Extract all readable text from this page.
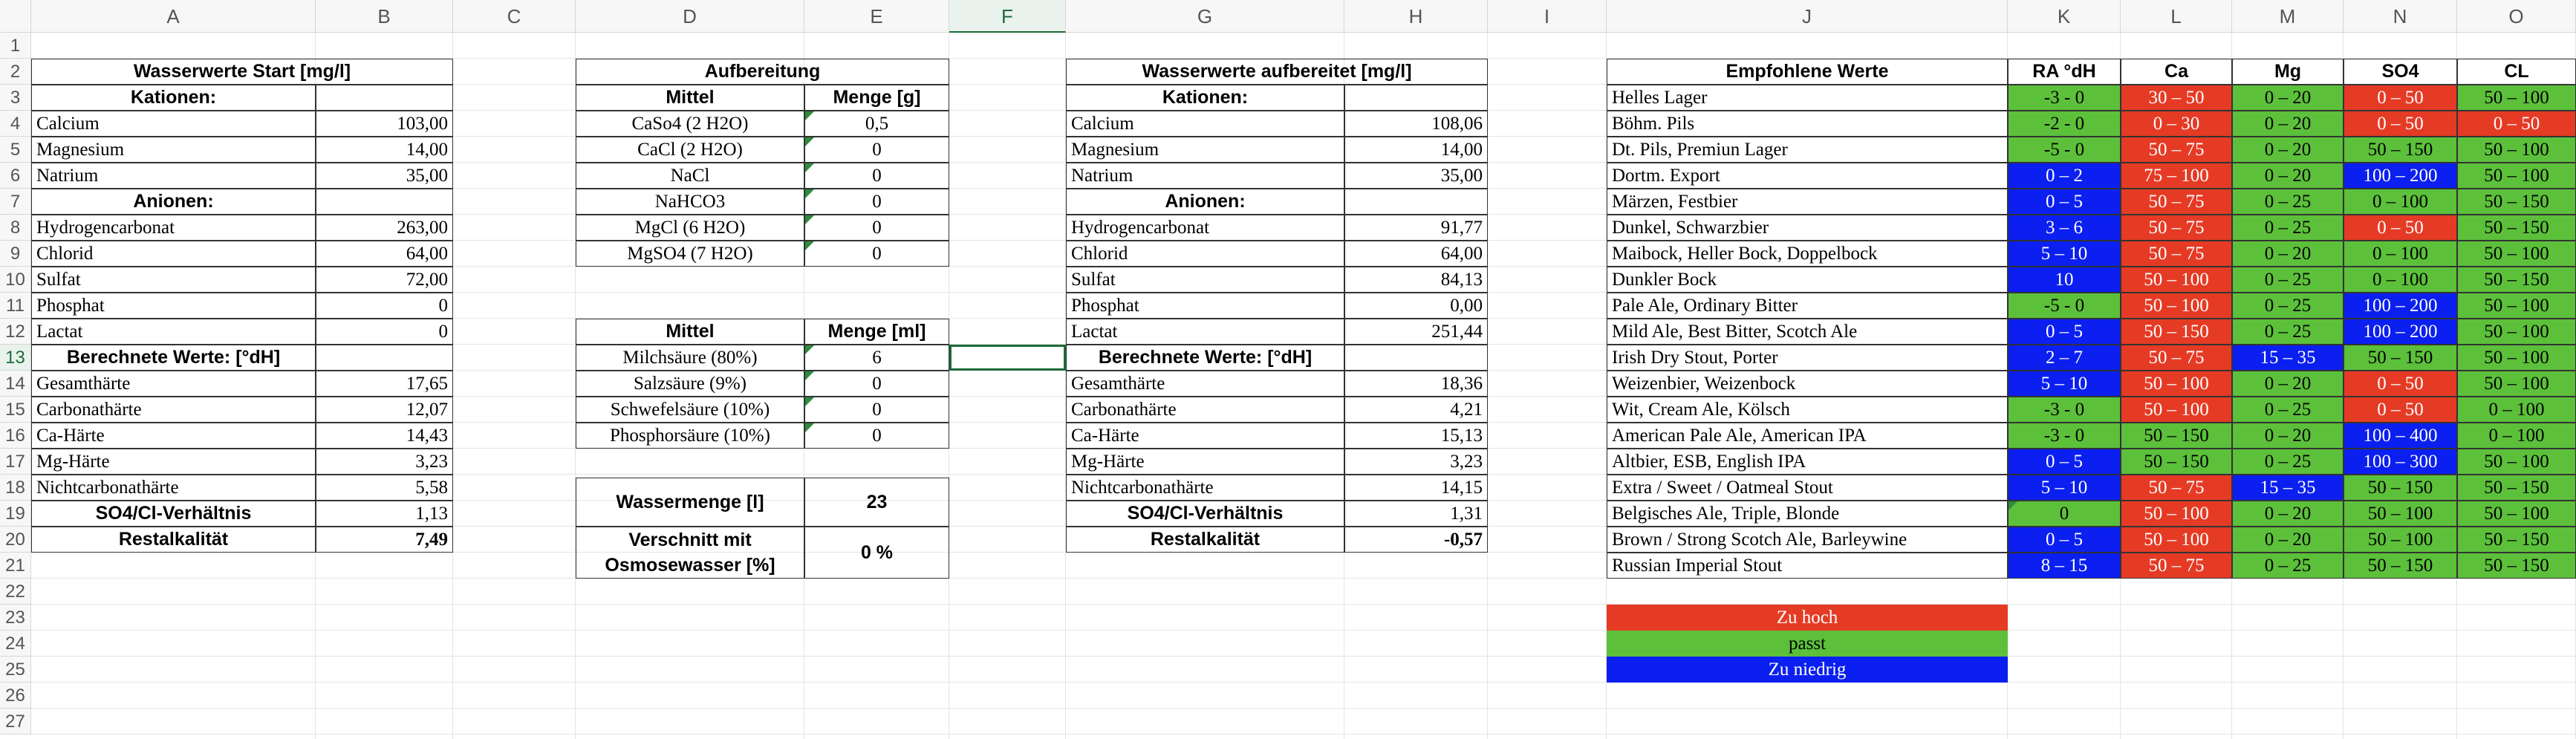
A	B	C	D	E	F	G	H	I	J	K	L	M	N	O
1
2
3
4
5
6
7
8
9
10
11
12
13
14
15
16
17
18
19
20
21
22
23
24
25
26
27
Wasserwerte Start [mg/l]
Kationen:
Calcium	103,00
Magnesium	14,00
Natrium	35,00
Anionen:
Hydrogencarbonat	263,00
Chlorid	64,00
Sulfat	72,00
Phosphat	0
Lactat	0
Berechnete Werte: [°dH]
Gesamthärte	17,65
Carbonathärte	12,07
Ca-Härte	14,43
Mg-Härte	3,23
Nichtcarbonathärte	5,58
SO4/Cl-Verhältnis	1,13
Restalkalität	7,49
Wasserwerte aufbereitet [mg/l]
Kationen:
Calcium	108,06
Magnesium	14,00
Natrium	35,00
Anionen:
Hydrogencarbonat	91,77
Chlorid	64,00
Sulfat	84,13
Phosphat	0,00
Lactat	251,44
Berechnete Werte: [°dH]
Gesamthärte	18,36
Carbonathärte	4,21
Ca-Härte	15,13
Mg-Härte	3,23
Nichtcarbonathärte	14,15
SO4/Cl-Verhältnis	1,31
Restalkalität	-0,57
Aufbereitung
Mittel	Menge [g]
CaSo4 (2 H2O)	0,5
CaCl (2 H2O)	0
NaCl	0
NaHCO3	0
MgCl (6 H2O)	0
MgSO4 (7 H2O)	0
Mittel	Menge [ml]
Milchsäure (80%)	6
Salzsäure (9%)	0
Schwefelsäure (10%)	0
Phosphorsäure (10%)	0
Wassermenge [l]	23
Verschnitt mit
Osmosewasser [%]
0 %
Empfohlene Werte	RA °dH	Ca	Mg	SO4	CL
Helles Lager	-3 - 0	30 – 50	0 – 20	0 – 50	50 – 100
Böhm. Pils	-2 - 0	0 – 30	0 – 20	0 – 50	0 – 50
Dt. Pils, Premiun Lager	-5 - 0	50 – 75	0 – 20	50 – 150	50 – 100
Dortm. Export	0 – 2	75 – 100	0 – 20	100 – 200	50 – 100
Märzen, Festbier	0 – 5	50 – 75	0 – 25	0 – 100	50 – 150
Dunkel, Schwarzbier	3 – 6	50 – 75	0 – 25	0 – 50	50 – 150
Maibock, Heller Bock, Doppelbock	5 – 10	50 – 75	0 – 20	0 – 100	50 – 100
Dunkler Bock	10	50 – 100	0 – 25	0 – 100	50 – 150
Pale Ale, Ordinary Bitter	-5 - 0	50 – 100	0 – 25	100 – 200	50 – 100
Mild Ale, Best Bitter, Scotch Ale	0 – 5	50 – 150	0 – 25	100 – 200	50 – 100
Irish Dry Stout, Porter	2 – 7	50 – 75	15 – 35	50 – 150	50 – 100
Weizenbier, Weizenbock	5 – 10	50 – 100	0 – 20	0 – 50	50 – 100
Wit, Cream Ale, Kölsch	-3 - 0	50 – 100	0 – 25	0 – 50	0 – 100
American Pale Ale, American IPA	-3 - 0	50 – 150	0 – 20	100 – 400	0 – 100
Altbier, ESB, English IPA	0 – 5	50 – 150	0 – 25	100 – 300	50 – 100
Extra / Sweet / Oatmeal Stout	5 – 10	50 – 75	15 – 35	50 – 150	50 – 150
Belgisches Ale, Triple, Blonde	0	50 – 100	0 – 20	50 – 100	50 – 100
Brown / Strong Scotch Ale, Barleywine	0 – 5	50 – 100	0 – 20	50 – 100	50 – 150
Russian Imperial Stout	8 – 15	50 – 75	0 – 25	50 – 150	50 – 150
Zu hoch
passt
Zu niedrig
